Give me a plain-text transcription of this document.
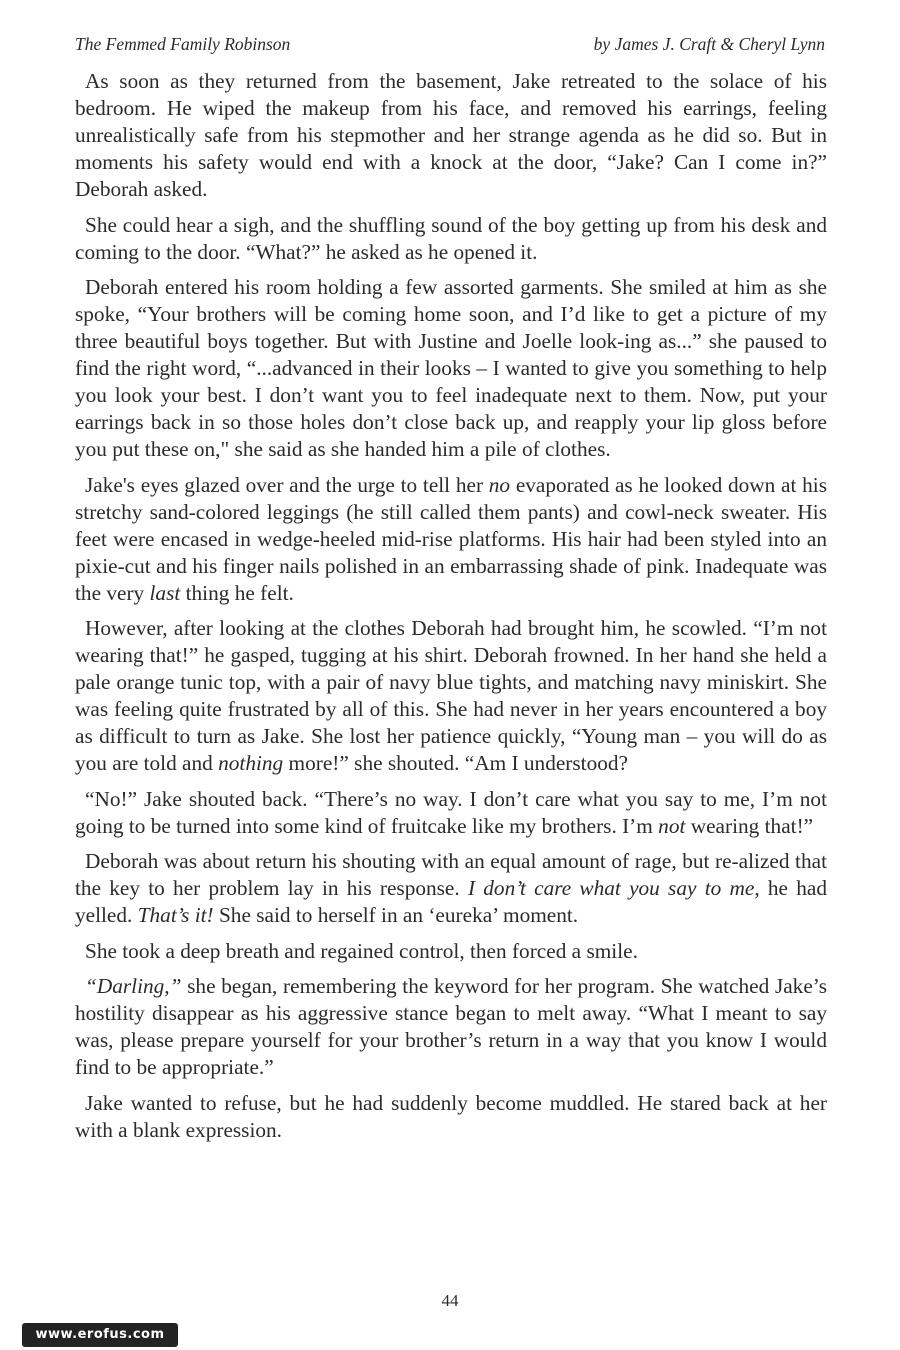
The Femmed Family Robinson	by James J. Craft & Cheryl Lynn

As soon as they returned from the basement, Jake retreated to the solace of his bedroom. He wiped the makeup from his face, and removed his earrings, feeling unrealistically safe from his stepmother and her strange agenda as he did so. But in moments his safety would end with a knock at the door, “Jake? Can I come in?” Deborah asked.

She could hear a sigh, and the shuffling sound of the boy getting up from his desk and coming to the door. “What?” he asked as he opened it.

Deborah entered his room holding a few assorted garments. She smiled at him as she spoke, “Your brothers will be coming home soon, and I’d like to get a picture of my three beautiful boys together. But with Justine and Joelle look-ing as...” she paused to find the right word, “...advanced in their looks – I wanted to give you something to help you look your best. I don’t want you to feel inadequate next to them. Now, put your earrings back in so those holes don’t close back up, and reapply your lip gloss before you put these on," she said as she handed him a pile of clothes.

Jake's eyes glazed over and the urge to tell her no evaporated as he looked down at his stretchy sand-colored leggings (he still called them pants) and cowl-neck sweater. His feet were encased in wedge-heeled mid-rise platforms. His hair had been styled into an pixie-cut and his finger nails polished in an embarrassing shade of pink. Inadequate was the very last thing he felt.

However, after looking at the clothes Deborah had brought him, he scowled. “I’m not wearing that!” he gasped, tugging at his shirt. Deborah frowned. In her hand she held a pale orange tunic top, with a pair of navy blue tights, and matching navy miniskirt. She was feeling quite frustrated by all of this. She had never in her years encountered a boy as difficult to turn as Jake. She lost her patience quickly, “Young man – you will do as you are told and nothing more!” she shouted. “Am I understood?

“No!” Jake shouted back. “There’s no way. I don’t care what you say to me, I’m not going to be turned into some kind of fruitcake like my brothers. I’m not wearing that!”

Deborah was about return his shouting with an equal amount of rage, but re-alized that the key to her problem lay in his response. I don’t care what you say to me, he had yelled. That’s it! She said to herself in an ‘eureka’ moment.

She took a deep breath and regained control, then forced a smile.

“Darling,” she began, remembering the keyword for her program. She watched Jake’s hostility disappear as his aggressive stance began to melt away. “What I meant to say was, please prepare yourself for your brother’s return in a way that you know I would find to be appropriate.”

Jake wanted to refuse, but he had suddenly become muddled. He stared back at her with a blank expression.

44
www.erofus.com
